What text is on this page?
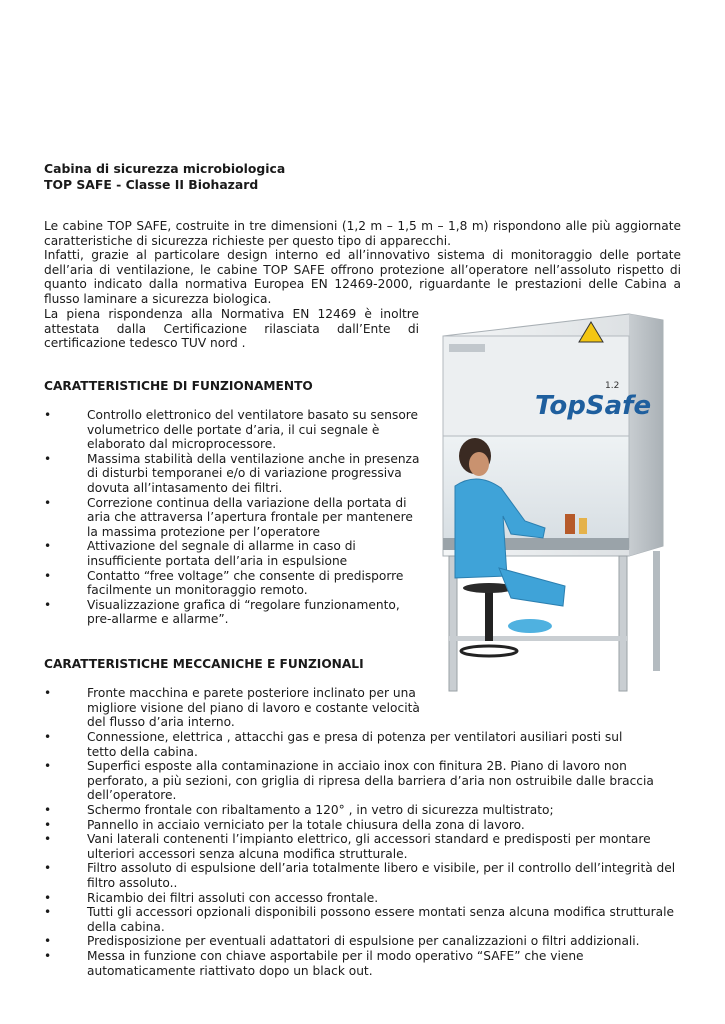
Cabina di sicurezza microbiologica
TOP SAFE - Classe II Biohazard
Le cabine TOP SAFE, costruite in tre dimensioni (1,2 m – 1,5 m – 1,8 m) rispondono alle più aggiornate caratteristiche di sicurezza richieste per questo tipo di apparecchi.
Infatti, grazie al particolare design interno ed all’innovativo sistema di monitoraggio delle portate dell’aria di ventilazione, le cabine TOP SAFE offrono protezione all’operatore nell’assoluto rispetto di quanto indicato dalla normativa Europea EN 12469-2000, riguardante le prestazioni delle Cabina a flusso laminare a sicurezza biologica.
La piena rispondenza alla Normativa EN 12469 è inoltre attestata dalla Certificazione rilasciata dall’Ente di certificazione tedesco TUV nord .
CARATTERISTICHE DI FUNZIONAMENTO
•	Controllo elettronico del ventilatore basato su sensore volumetrico delle portate d’aria, il cui segnale è elaborato dal microprocessore.
•	Massima stabilità della ventilazione anche in presenza di disturbi temporanei e/o di variazione progressiva dovuta all’intasamento dei filtri.
•	Correzione continua della variazione della portata di aria che attraversa l’apertura frontale per mantenere la massima protezione per l’operatore
•	Attivazione del segnale di allarme in caso di insufficiente portata dell’aria in espulsione
•	Contatto “free voltage” che consente di predisporre facilmente un monitoraggio remoto.
•	Visualizzazione grafica di “regolare funzionamento, pre-allarme e allarme”.
CARATTERISTICHE MECCANICHE E FUNZIONALI
•	Fronte macchina e parete posteriore inclinato per una migliore visione del piano di lavoro e costante velocità del flusso d’aria interno.
•	Connessione, elettrica , attacchi gas e presa di potenza per ventilatori ausiliari posti sul tetto della cabina.
•	Superfici esposte alla contaminazione in acciaio inox con finitura 2B. Piano di lavoro non perforato, a più sezioni, con griglia di ripresa della barriera d’aria non ostruibile dalle braccia dell’operatore.
•	Schermo frontale con ribaltamento a 120° , in vetro di sicurezza multistrato;
•	Pannello in acciaio verniciato per la totale chiusura della zona di lavoro.
•	Vani laterali contenenti l’impianto elettrico, gli accessori standard e predisposti per montare ulteriori accessori senza alcuna modifica strutturale.
•	Filtro assoluto di espulsione dell’aria totalmente libero e visibile, per il controllo dell’integrità del filtro assoluto..
•	Ricambio dei filtri assoluti con accesso frontale.
•	Tutti gli accessori opzionali disponibili possono essere montati senza alcuna modifica strutturale della cabina.
•	Predisposizione per eventuali adattatori di espulsione per canalizzazioni o filtri addizionali.
•	Messa in funzione con chiave asportabile per il modo operativo “SAFE” che viene automaticamente riattivato dopo un black out.
TopSafe
1.2
